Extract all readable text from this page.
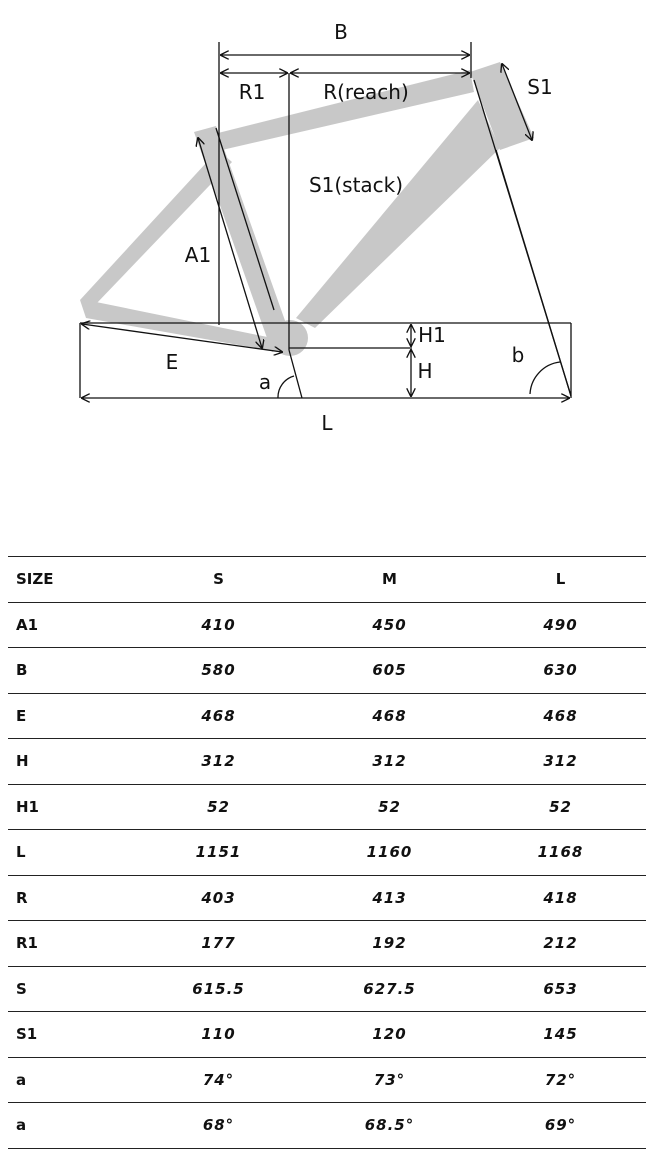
B
R1	R(reach)	S1
S1(stack)
A1
H1
E	H
a
b
L
SIZE	S	M	L
A1	410	450	490
B	580	605	630
E	468	468	468
H	312	312	312
H1	52	52	52
L	1151	1160	1168
R	403	413	418
R1	177	192	212
S	615.5	627.5	653
S1	110	120	145
a	74°	73°	72°
a	68°	68.5°	69°
